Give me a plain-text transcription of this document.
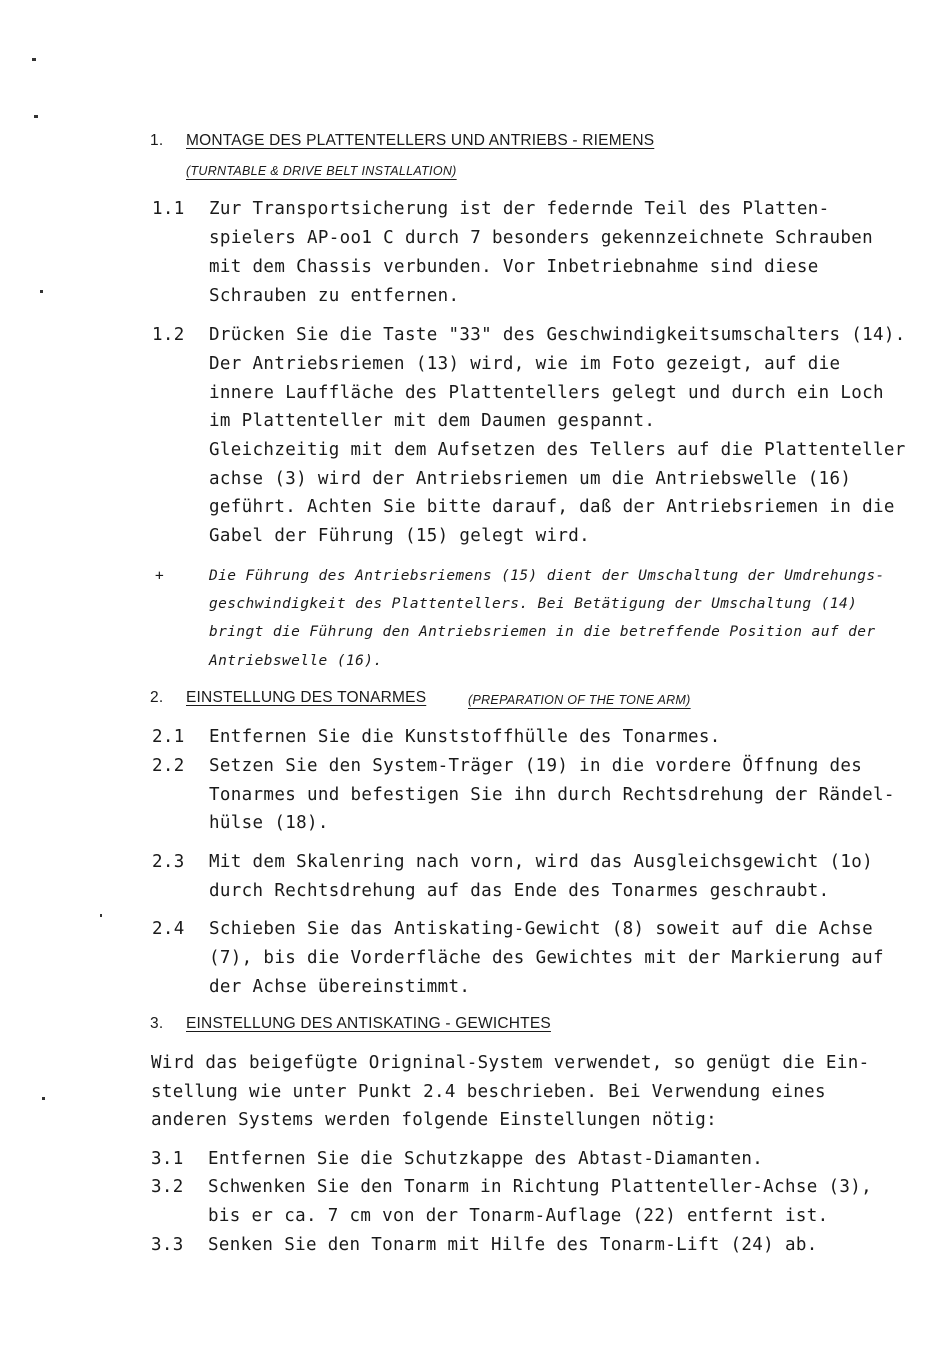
1. MONTAGE DES PLATTENTELLERS UND ANTRIEBS - RIEMENS
(TURNTABLE & DRIVE BELT INSTALLATION)
1.1 Zur Transportsicherung ist der federnde Teil des Platten-
spielers AP-oo1 C durch 7 besonders gekennzeichnete Schrauben
mit dem Chassis verbunden. Vor Inbetriebnahme sind diese
Schrauben zu entfernen.
1.2 Drücken Sie die Taste "33" des Geschwindigkeitsumschalters (14).
Der Antriebsriemen (13) wird, wie im Foto gezeigt, auf die
innere Lauffläche des Plattentellers gelegt und durch ein Loch
im Plattenteller mit dem Daumen gespannt.
Gleichzeitig mit dem Aufsetzen des Tellers auf die Plattenteller
achse (3) wird der Antriebsriemen um die Antriebswelle (16)
geführt. Achten Sie bitte darauf, daß der Antriebsriemen in die
Gabel der Führung (15) gelegt wird.
+	Die Führung des Antriebsriemens (15) dient der Umschaltung der Umdrehungs-
geschwindigkeit des Plattentellers. Bei Betätigung der Umschaltung (14)
bringt die Führung den Antriebsriemen in die betreffende Position auf der
Antriebswelle (16).
2. EINSTELLUNG DES TONARMES	(PREPARATION OF THE TONE ARM)
2.1 Entfernen Sie die Kunststoffhülle des Tonarmes.
2.2 Setzen Sie den System-Träger (19) in die vordere Öffnung des
Tonarmes und befestigen Sie ihn durch Rechtsdrehung der Rändel-
hülse (18).
2.3 Mit dem Skalenring nach vorn, wird das Ausgleichsgewicht (1o)
durch Rechtsdrehung auf das Ende des Tonarmes geschraubt.
2.4 Schieben Sie das Antiskating-Gewicht (8) soweit auf die Achse
(7), bis die Vorderfläche des Gewichtes mit der Markierung auf
der Achse übereinstimmt.
3. EINSTELLUNG DES ANTISKATING - GEWICHTES
Wird das beigefügte Origninal-System verwendet, so genügt die Ein-
stellung wie unter Punkt 2.4 beschrieben. Bei Verwendung eines
anderen Systems werden folgende Einstellungen nötig:
3.1 Entfernen Sie die Schutzkappe des Abtast-Diamanten.
3.2 Schwenken Sie den Tonarm in Richtung Plattenteller-Achse (3),
bis er ca. 7 cm von der Tonarm-Auflage (22) entfernt ist.
3.3 Senken Sie den Tonarm mit Hilfe des Tonarm-Lift (24) ab.
